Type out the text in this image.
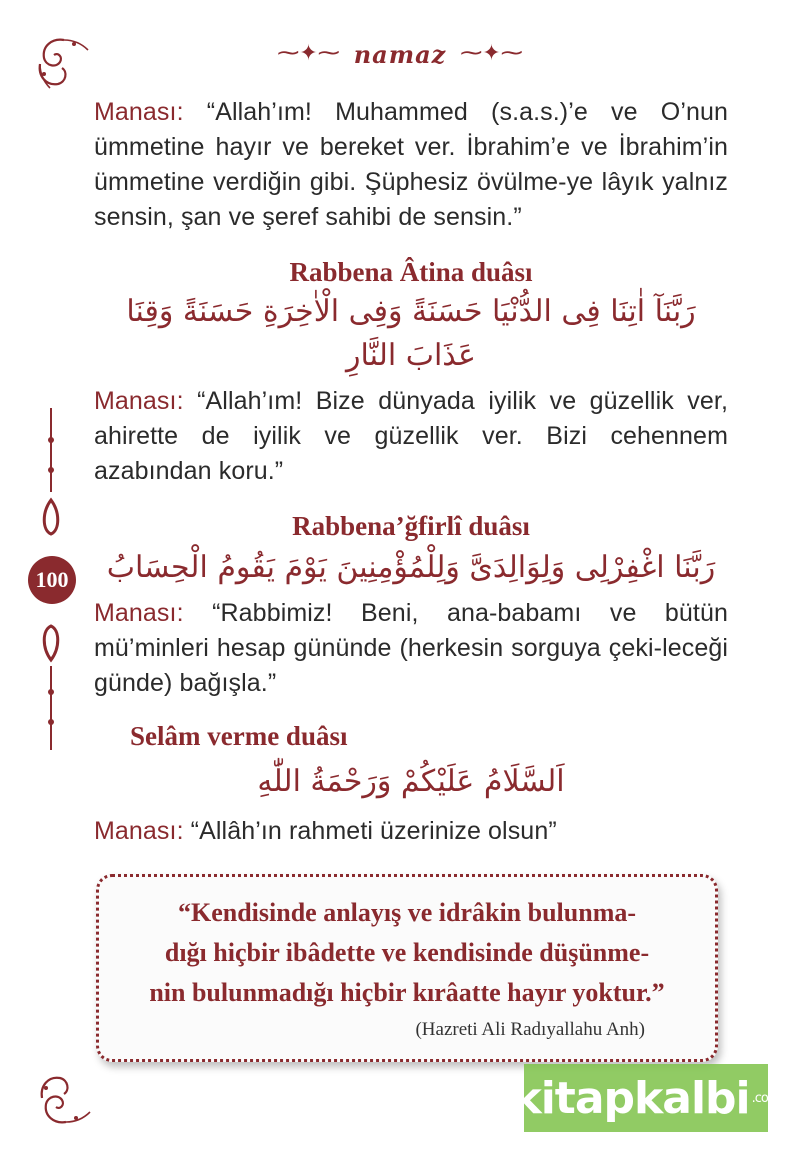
⁓✦⁓ namaz ⁓✦⁓
100

Manası: “Allah’ım! Muhammed (s.a.s.)’e ve O’nun ümmetine hayır ve bereket ver. İbrahim’e ve İbrahim’in ümmetine verdiğin gibi. Şüphesiz övülme-ye lâyık yalnız sensin, şan ve şeref sahibi de sensin.”

Rabbena Âtina duâsı

رَبَّنَآ اٰتِنَا فِى الدُّنْيَا حَسَنَةً وَفِى الْاٰخِرَةِ حَسَنَةً وَقِنَا عَذَابَ النَّارِ

Manası: “Allah’ım! Bize dünyada iyilik ve güzellik ver, ahirette de iyilik ve güzellik ver. Bizi cehennem azabından koru.”

Rabbena’ğfirlî duâsı

رَبَّنَا اغْفِرْلِى وَلِوَالِدَىَّ وَلِلْمُؤْمِنِينَ يَوْمَ يَقُومُ الْحِسَابُ

Manası: “Rabbimiz! Beni, ana-babamı ve bütün mü’minleri hesap gününde (herkesin sorguya çeki-leceği günde) bağışla.”

Selâm verme duâsı

اَلسَّلَامُ عَلَيْكُمْ وَرَحْمَةُ اللّٰهِ

Manası: “Allâh’ın rahmeti üzerinize olsun”

“Kendisinde anlayış ve idrâkin bulunma-

dığı hiçbir ibâdette ve kendisinde düşünme-

nin bulunmadığı hiçbir kırâatte hayır yoktur.”

(Hazreti Ali Radıyallahu Anh)
kitapkalbi .com
